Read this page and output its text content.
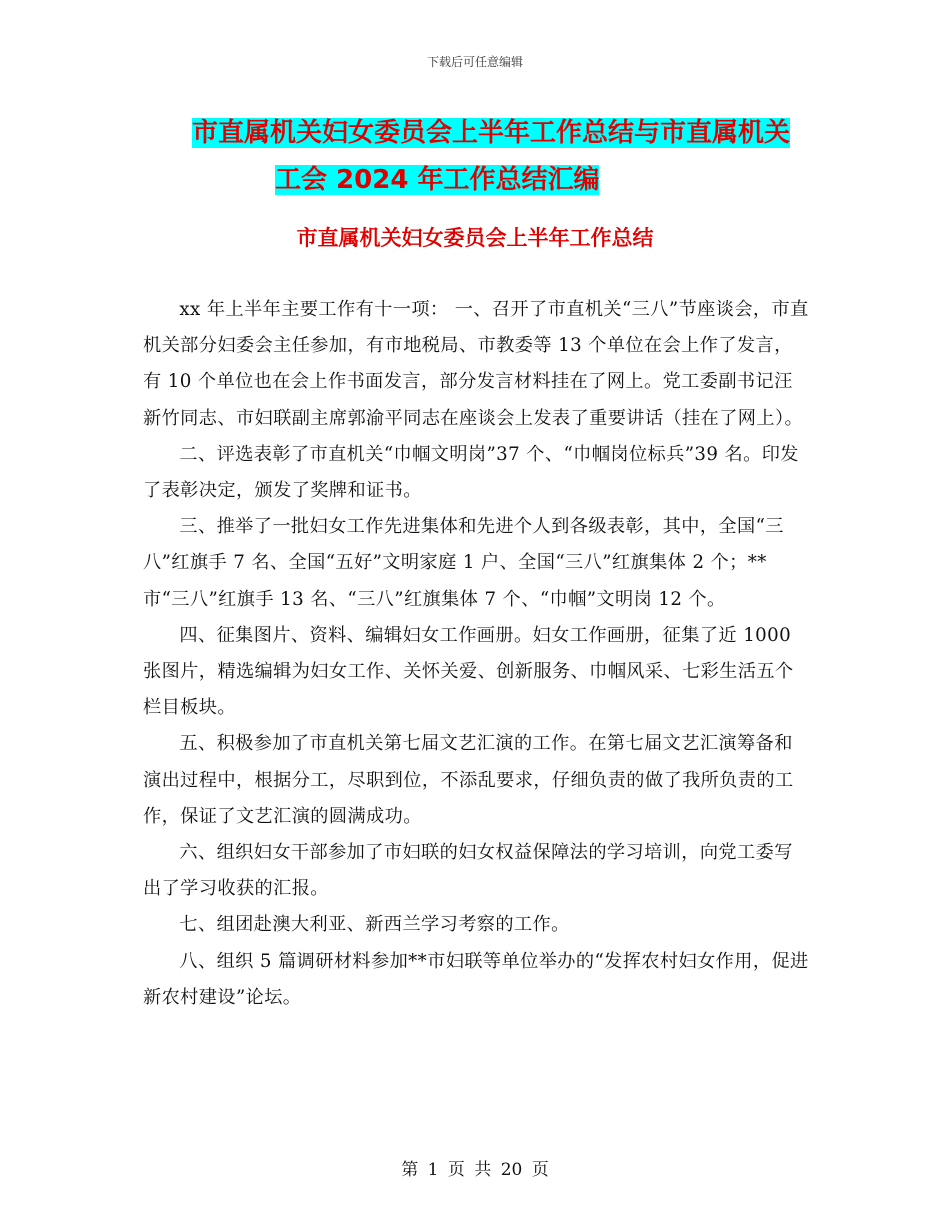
下载后可任意编辑
市直属机关妇女委员会上半年工作总结与市直属机关
工会 2024 年工作总结汇编
市直属机关妇女委员会上半年工作总结

xx 年上半年主要工作有十一项： 一、召开了市直机关“三八”节座谈会，市直机关部分妇委会主任参加，有市地税局、市教委等 13 个单位在会上作了发言，有 10 个单位也在会上作书面发言，部分发言材料挂在了网上。党工委副书记汪新竹同志、市妇联副主席郭渝平同志在座谈会上发表了重要讲话（挂在了网上）。

二、评选表彰了市直机关“巾帼文明岗”37 个、“巾帼岗位标兵”39 名。印发了表彰决定，颁发了奖牌和证书。

三、推举了一批妇女工作先进集体和先进个人到各级表彰，其中，全国“三八”红旗手 7 名、全国“五好”文明家庭 1 户、全国“三八”红旗集体 2 个；**市“三八”红旗手 13 名、“三八”红旗集体 7 个、“巾帼”文明岗 12 个。

四、征集图片、资料、编辑妇女工作画册。妇女工作画册，征集了近 1000 张图片，精选编辑为妇女工作、关怀关爱、创新服务、巾帼风采、七彩生活五个栏目板块。

五、积极参加了市直机关第七届文艺汇演的工作。在第七届文艺汇演筹备和演出过程中，根据分工，尽职到位，不添乱要求，仔细负责的做了我所负责的工作，保证了文艺汇演的圆满成功。

六、组织妇女干部参加了市妇联的妇女权益保障法的学习培训，向党工委写出了学习收获的汇报。

七、组团赴澳大利亚、新西兰学习考察的工作。

八、组织 5 篇调研材料参加**市妇联等单位举办的“发挥农村妇女作用，促进新农村建设”论坛。

第 1 页 共 20 页
